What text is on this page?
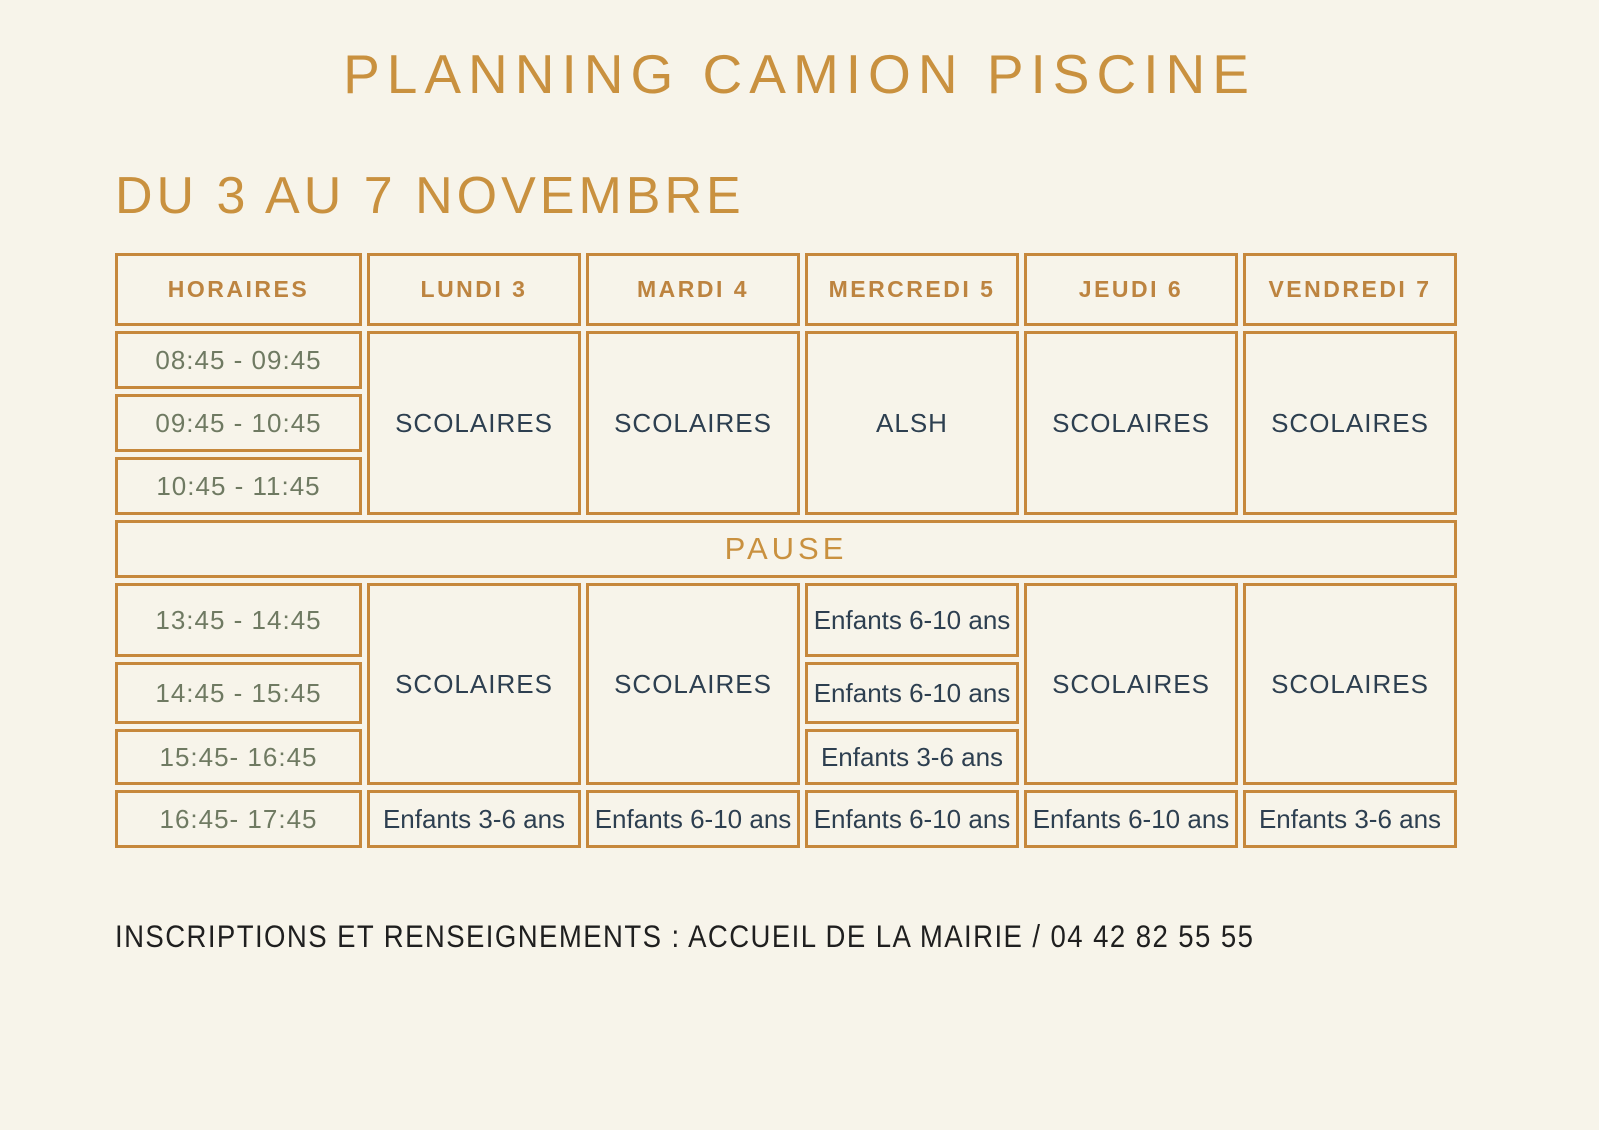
PLANNING CAMION PISCINE
DU 3 AU 7 NOVEMBRE
HORAIRES	LUNDI 3	MARDI 4	MERCREDI 5	JEUDI 6	VENDREDI 7
08:45 - 09:45	SCOLAIRES	SCOLAIRES	ALSH	SCOLAIRES	SCOLAIRES
09:45 - 10:45					
10:45 - 11:45					
PAUSE					
13:45 - 14:45	SCOLAIRES	SCOLAIRES	Enfants 6-10 ans	SCOLAIRES	SCOLAIRES
14:45 - 15:45			Enfants 6-10 ans		
15:45- 16:45			Enfants 3-6 ans		
16:45- 17:45	Enfants 3-6 ans	Enfants 6-10 ans	Enfants 6-10 ans	Enfants 6-10 ans	Enfants 3-6 ans
INSCRIPTIONS ET RENSEIGNEMENTS : ACCUEIL DE LA MAIRIE / 04 42 82 55 55
